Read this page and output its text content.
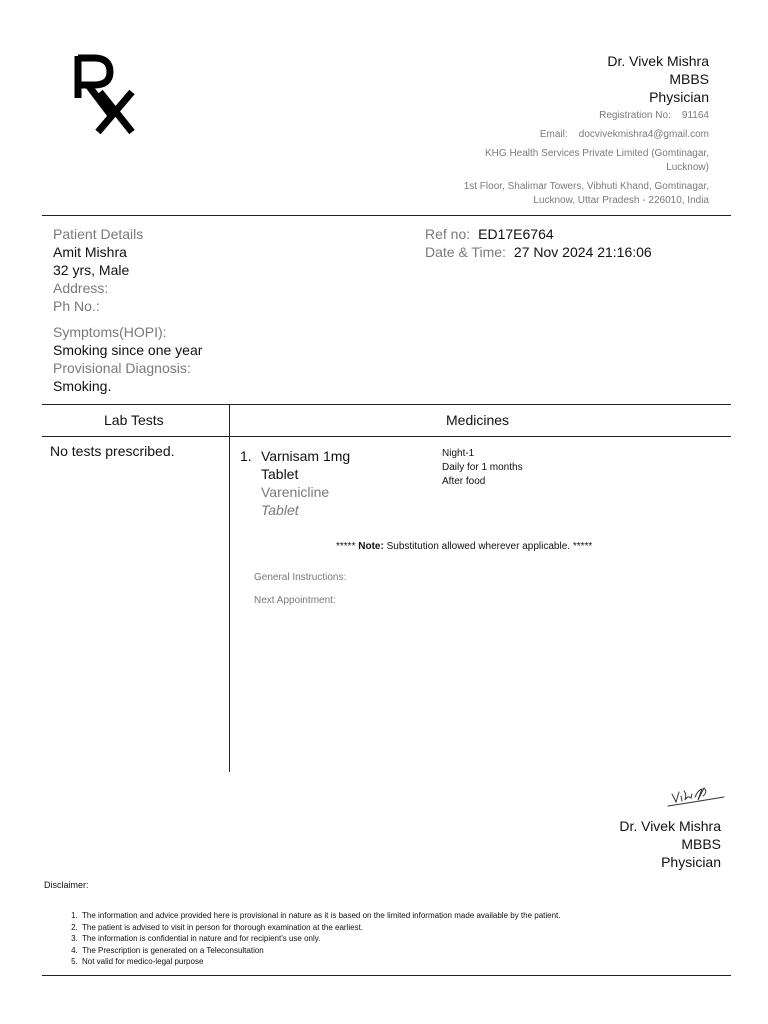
Dr. Vivek Mishra
MBBS
Physician
Registration No: 91164
Email: docvivekmishra4@gmail.com
KHG Health Services Private Limited (Gomtinagar,
Lucknow)
1st Floor, Shalimar Towers, Vibhuti Khand, Gomtinagar,
Lucknow, Uttar Pradesh - 226010, India
Patient Details
Amit Mishra
32 yrs, Male
Address:
Ph No.:
Symptoms(HOPI):
Smoking since one year
Provisional Diagnosis:
Smoking.
Ref no: ED17E6764
Date & Time: 27 Nov 2024 21:16:06
Lab Tests	Medicines
No tests prescribed.	1. Varnisam 1mg
Tablet
Varenicline
Tablet
Night-1
Daily for 1 months
After food
***** Note: Substitution allowed wherever applicable. *****
General Instructions:
Next Appointment:
Dr. Vivek Mishra
MBBS
Physician
Disclaimer:
1. The information and advice provided here is provisional in nature as it is based on the limited information made available by the patient.
2. The patient is advised to visit in person for thorough examination at the earliest.
3. The information is confidential in nature and for recipient's use only.
4. The Prescription is generated on a Teleconsultation
5. Not valid for medico-legal purpose
